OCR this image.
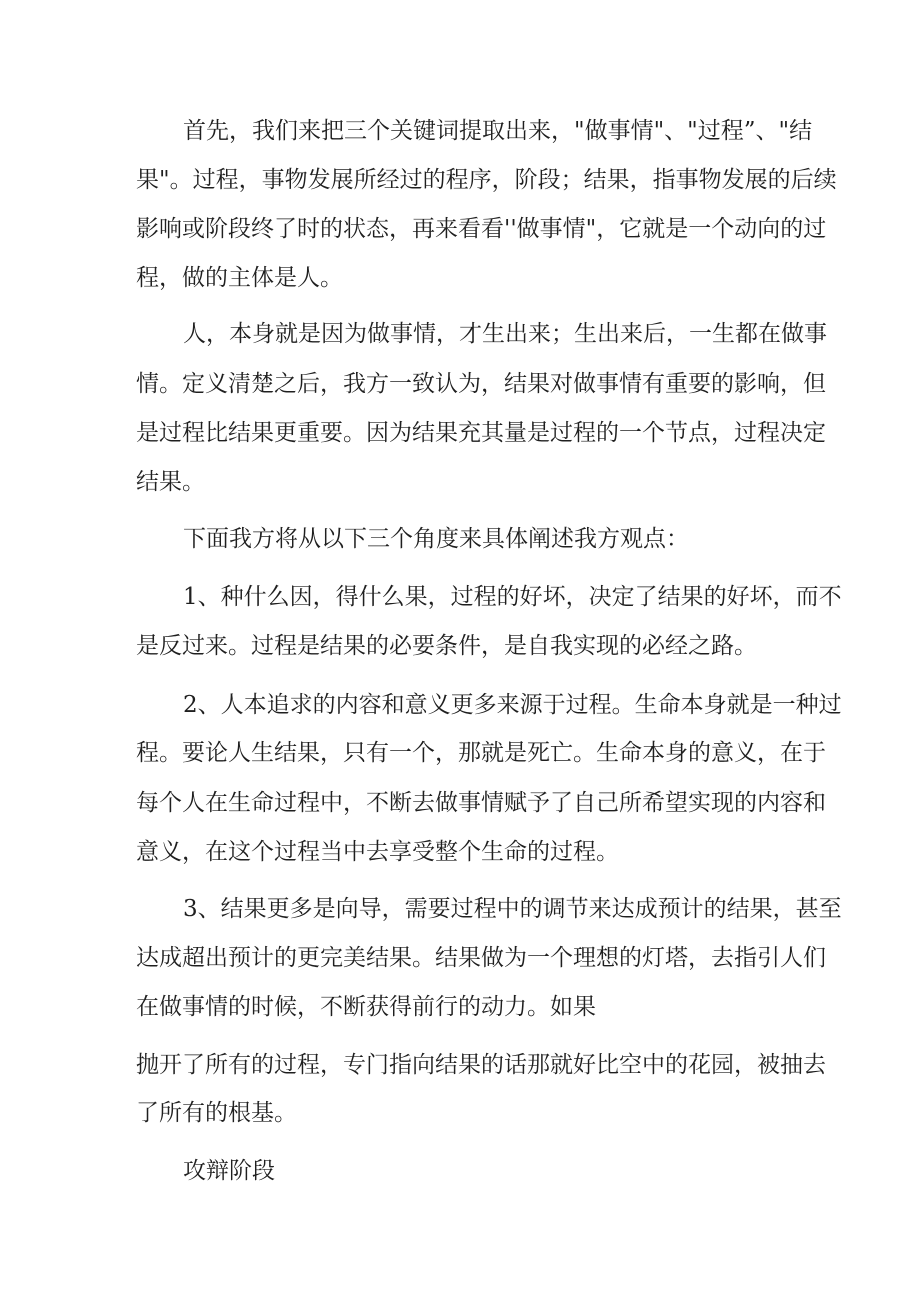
首先，我们来把三个关键词提取出来，"做事情"、"过程”、"结
果"。过程，事物发展所经过的程序，阶段；结果，指事物发展的后续
影响或阶段终了时的状态，再来看看''做事情"，它就是一个动向的过
程，做的主体是人。
人，本身就是因为做事情，才生出来；生出来后，一生都在做事
情。定义清楚之后，我方一致认为，结果对做事情有重要的影响，但
是过程比结果更重要。因为结果充其量是过程的一个节点，过程决定
结果。
下面我方将从以下三个角度来具体阐述我方观点：
1、种什么因，得什么果，过程的好坏，决定了结果的好坏，而不
是反过来。过程是结果的必要条件，是自我实现的必经之路。
2、人本追求的内容和意义更多来源于过程。生命本身就是一种过
程。要论人生结果，只有一个，那就是死亡。生命本身的意义，在于
每个人在生命过程中，不断去做事情赋予了自己所希望实现的内容和
意义，在这个过程当中去享受整个生命的过程。
3、结果更多是向导，需要过程中的调节来达成预计的结果，甚至
达成超出预计的更完美结果。结果做为一个理想的灯塔，去指引人们
在做事情的时候，不断获得前行的动力。如果
抛开了所有的过程，专门指向结果的话那就好比空中的花园，被抽去
了所有的根基。
攻辩阶段
